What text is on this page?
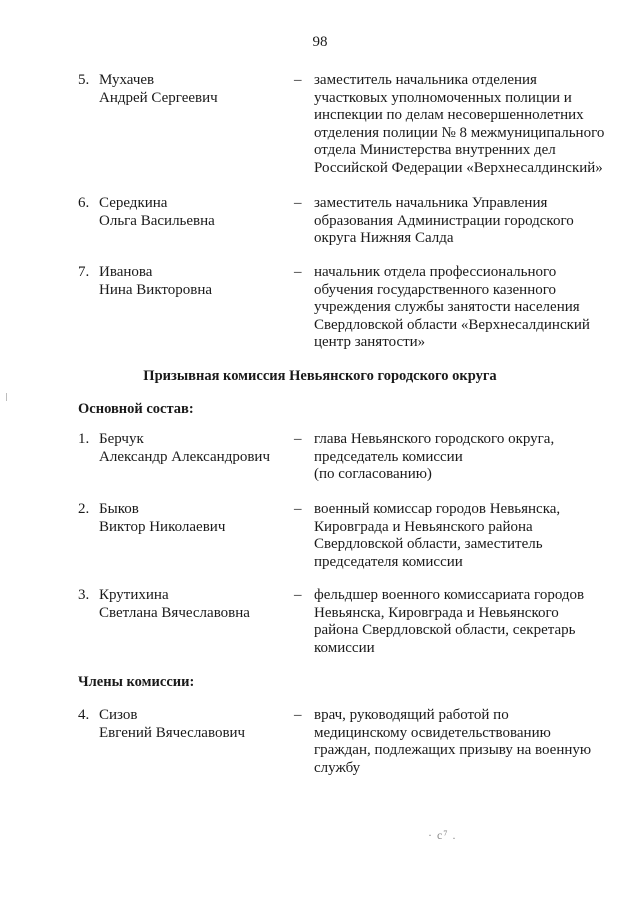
98
5. Мухачев
Андрей Сергеевич
– заместитель начальника отделения
участковых уполномоченных полиции и
инспекции по делам несовершеннолетних
отделения полиции № 8 межмуниципального
отдела Министерства внутренних дел
Российской Федерации «Верхнесалдинский»
6. Середкина
Ольга Васильевна
– заместитель начальника Управления
образования Администрации городского
округа Нижняя Салда
7. Иванова
Нина Викторовна
– начальник отдела профессионального
обучения государственного казенного
учреждения службы занятости населения
Свердловской области «Верхнесалдинский
центр занятости»
Призывная комиссия Невьянского городского округа
Основной состав:
1. Берчук
Александр Александрович
– глава Невьянского городского округа,
председатель комиссии
(по согласованию)
2. Быков
Виктор Николаевич
– военный комиссар городов Невьянска,
Кировграда и Невьянского района
Свердловской области, заместитель
председателя комиссии
3. Крутихина
Светлана Вячеславовна
– фельдшер военного комиссариата городов
Невьянска, Кировграда и Невьянского
района Свердловской области, секретарь
комиссии
Члены комиссии:
4. Сизов
Евгений Вячеславович
– врач, руководящий работой по
медицинскому освидетельствованию
граждан, подлежащих призыву на военную
службу
· с⁷ .
